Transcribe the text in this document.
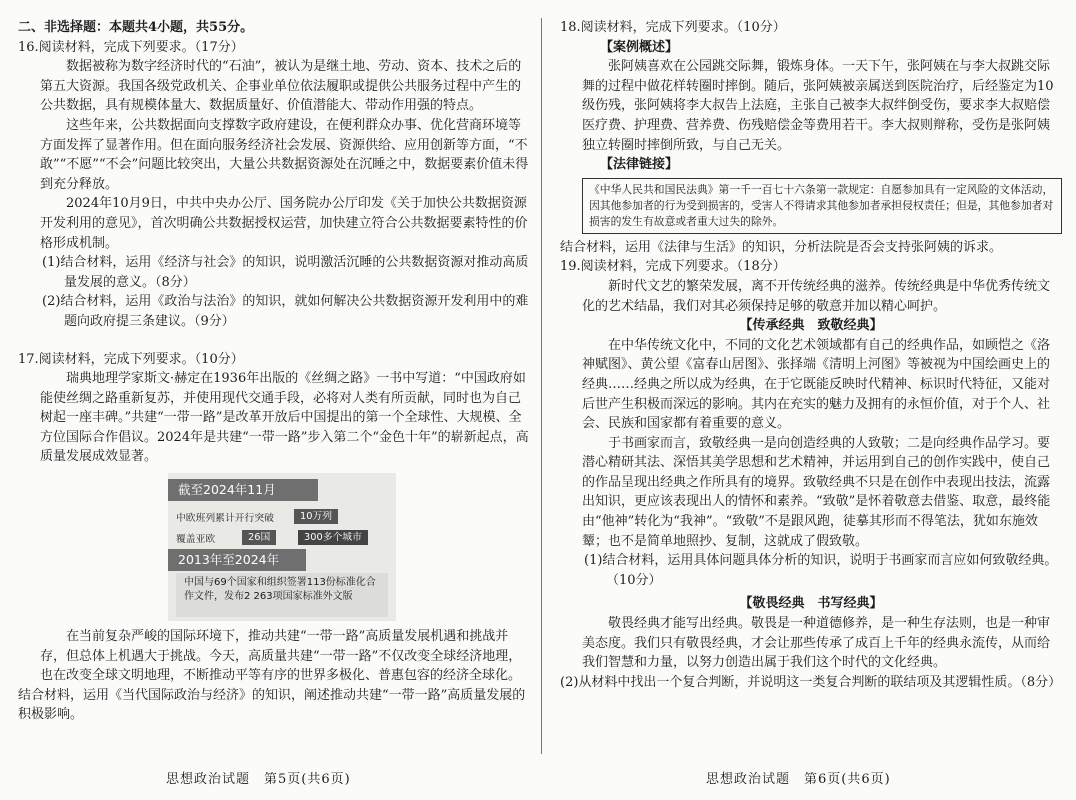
二、非选择题：本题共4小题，共55分。

16.阅读材料，完成下列要求。（17分）

数据被称为数字经济时代的“石油”，被认为是继土地、劳动、资本、技术之后的第五大资源。我国各级党政机关、企事业单位依法履职或提供公共服务过程中产生的公共数据，具有规模体量大、数据质量好、价值潜能大、带动作用强的特点。

这些年来，公共数据面向支撑数字政府建设，在便利群众办事、优化营商环境等方面发挥了显著作用。但在面向服务经济社会发展、资源供给、应用创新等方面，“不敢”“不愿”“不会”问题比较突出，大量公共数据资源处在沉睡之中，数据要素价值未得到充分释放。

2024年10月9日，中共中央办公厅、国务院办公厅印发《关于加快公共数据资源开发利用的意见》，首次明确公共数据授权运营，加快建立符合公共数据要素特性的价格形成机制。

(1)结合材料，运用《经济与社会》的知识，说明激活沉睡的公共数据资源对推动高质量发展的意义。（8分）

(2)结合材料，运用《政治与法治》的知识，就如何解决公共数据资源开发利用中的难题向政府提三条建议。（9分）

17.阅读材料，完成下列要求。（10分）

瑞典地理学家斯文·赫定在1936年出版的《丝绸之路》一书中写道：“中国政府如能使丝绸之路重新复苏，并使用现代交通手段，必将对人类有所贡献，同时也为自己树起一座丰碑。”共建“一带一路”是改革开放后中国提出的第一个全球性、大规模、全方位国际合作倡议。2024年是共建“一带一路”步入第二个“金色十年”的崭新起点，高质量发展成效显著。

截至2024年11月
中欧班列累计开行突破	10万列
覆盖亚欧	26国	300多个城市
2013年至2024年
中国与69个国家和组织签署113份标准化合作文件，发布2 263项国家标准外文版

在当前复杂严峻的国际环境下，推动共建“一带一路”高质量发展机遇和挑战并存，但总体上机遇大于挑战。今天，高质量共建“一带一路”不仅改变全球经济地理，也在改变全球文明地理，不断推动平等有序的世界多极化、普惠包容的经济全球化。

结合材料，运用《当代国际政治与经济》的知识，阐述推动共建“一带一路”高质量发展的积极影响。

18.阅读材料，完成下列要求。（10分）

【案例概述】

张阿姨喜欢在公园跳交际舞，锻炼身体。一天下午，张阿姨在与李大叔跳交际舞的过程中做花样转圈时摔倒。随后，张阿姨被亲属送到医院治疗，后经鉴定为10级伤残，张阿姨将李大叔告上法庭，主张自己被李大叔绊倒受伤，要求李大叔赔偿医疗费、护理费、营养费、伤残赔偿金等费用若干。李大叔则辩称，受伤是张阿姨独立转圈时摔倒所致，与自己无关。

【法律链接】

《中华人民共和国民法典》第一千一百七十六条第一款规定：自愿参加具有一定风险的文体活动，因其他参加者的行为受到损害的，受害人不得请求其他参加者承担侵权责任；但是，其他参加者对损害的发生有故意或者重大过失的除外。

结合材料，运用《法律与生活》的知识，分析法院是否会支持张阿姨的诉求。

19.阅读材料，完成下列要求。（18分）

新时代文艺的繁荣发展，离不开传统经典的滋养。传统经典是中华优秀传统文化的艺术结晶，我们对其必须保持足够的敬意并加以精心呵护。

【传承经典　致敬经典】

在中华传统文化中，不同的文化艺术领域都有自己的经典作品，如顾恺之《洛神赋图》、黄公望《富春山居图》、张择端《清明上河图》等被视为中国绘画史上的经典……经典之所以成为经典，在于它既能反映时代精神、标识时代特征，又能对后世产生积极而深远的影响。其内在充实的魅力及拥有的永恒价值，对于个人、社会、民族和国家都有着重要的意义。

于书画家而言，致敬经典一是向创造经典的人致敬；二是向经典作品学习。要潜心精研其法、深悟其美学思想和艺术精神，并运用到自己的创作实践中，使自己的作品呈现出经典之作所具有的境界。致敬经典不只是在创作中表现出技法，流露出知识，更应该表现出人的情怀和素养。“致敬”是怀着敬意去借鉴、取意，最终能由“他神”转化为“我神”。“致敬”不是跟风跑，徒摹其形而不得笔法，犹如东施效颦；也不是简单地照抄、复制，这就成了假致敬。

(1)结合材料，运用具体问题具体分析的知识，说明于书画家而言应如何致敬经典。（10分）

【敬畏经典　书写经典】

敬畏经典才能写出经典。敬畏是一种道德修养，是一种生存法则，也是一种审美态度。我们只有敬畏经典，才会让那些传承了成百上千年的经典永流传，从而给我们智慧和力量，以努力创造出属于我们这个时代的文化经典。

(2)从材料中找出一个复合判断，并说明这一类复合判断的联结项及其逻辑性质。（8分）

思想政治试题　第5页(共6页)	思想政治试题　第6页(共6页)
